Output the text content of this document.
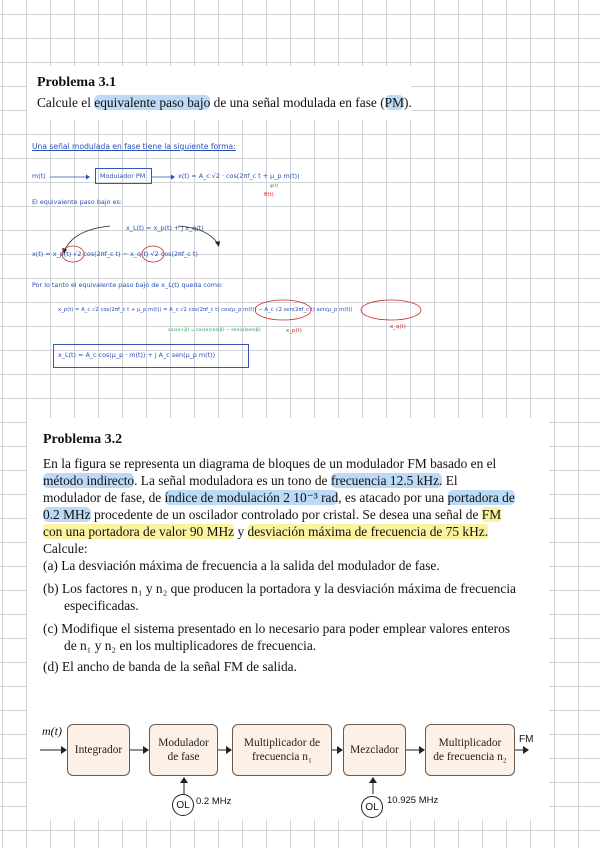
Problema 3.1
Calcule el equivalente paso bajo de una señal modulada en fase (PM).
Una señal modulada en fase tiene la siguiente forma:
m(t)	Modulador PM	x(t) = A_c √2 · cos(2πf_c t + μ_p m(t))
φ(t)
θ(t)
El equivalente paso bajo es:
x_L(t) = x_p(t) + j x_q(t)
x(t) = x_p(t) √2 cos(2πf_c t) − x_q(t) √2 cos(2πf_c t)
Por lo tanto el equivalente paso bajo de x_L(t) queda como:
x_p(t) = A_c √2 cos(2πf_c t + μ_p m(t)) = A_c √2 cos(2πf_c t) cos(μ_p m(t)) − A_c √2 sen(2πf_c t) sen(μ_p m(t))
cos(α+β) = cos(α)cos(β) − sen(α)sen(β)	x_p(t)
x_q(t)
x_L(t) = A_c cos(μ_p · m(t)) + j A_c sen(μ_p m(t))
Problema 3.2
En la figura se representa un diagrama de bloques de un modulador FM basado en el
método indirecto. La señal moduladora es un tono de frecuencia 12.5 kHz. El
modulador de fase, de índice de modulación 2 10⁻³ rad, es atacado por una portadora de
0.2 MHz procedente de un oscilador controlado por cristal. Se desea una señal de FM
con una portadora de valor 90 MHz y desviación máxima de frecuencia de 75 kHz.
Calcule:
(a) La desviación máxima de frecuencia a la salida del modulador de fase.
(b) Los factores n₁ y n₂ que producen la portadora y la desviación máxima de frecuencia
especificadas.
(c) Modifique el sistema presentado en lo necesario para poder emplear valores enteros
de n₁ y n₂ en los multiplicadores de frecuencia.
(d) El ancho de banda de la señal FM de salida.
m(t)
FM
Integrador
Modulador
de fase
Multiplicador de
frecuencia n₁
Mezclador
Multiplicador
de frecuencia n₂
OL 0.2 MHz	OL
10.925 MHz
